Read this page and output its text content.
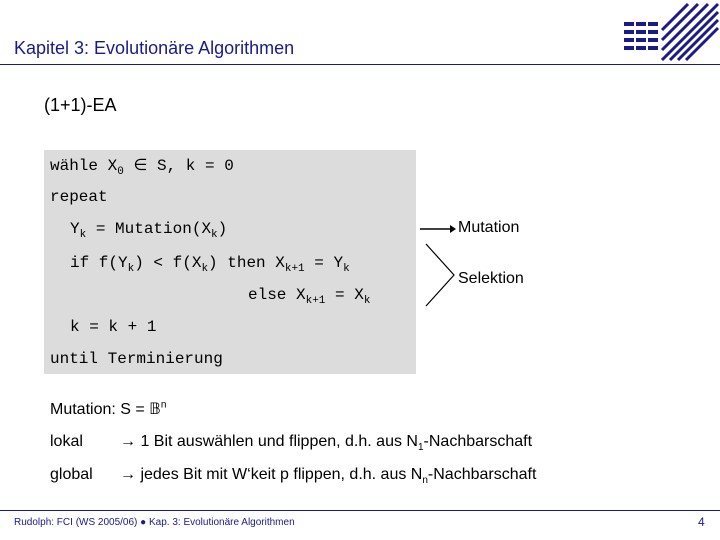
Kapitel 3: Evolutionäre Algorithmen
(1+1)-EA
wähle $X_0$ ∈ S, k = 0
repeat
$Y_k$ = $Mutation(X_k)$
if $f(Y_k) < f(X_k)$ then $X_{k+1} = Y_k$
else $X_{k+1} = X_k$
k = k + 1
until Terminierung
Mutation
Selektion
Mutation: S = 𝔹$^n$
lokal → 1 Bit auswählen und flippen, d.h. aus $N_1$-Nachbarschaft
global → jedes Bit mit W‘keit p flippen, d.h. aus $N_n$-Nachbarschaft
Rudolph: FCI (WS 2005/06) ● Kap. 3: Evolutionäre Algorithmen	4
